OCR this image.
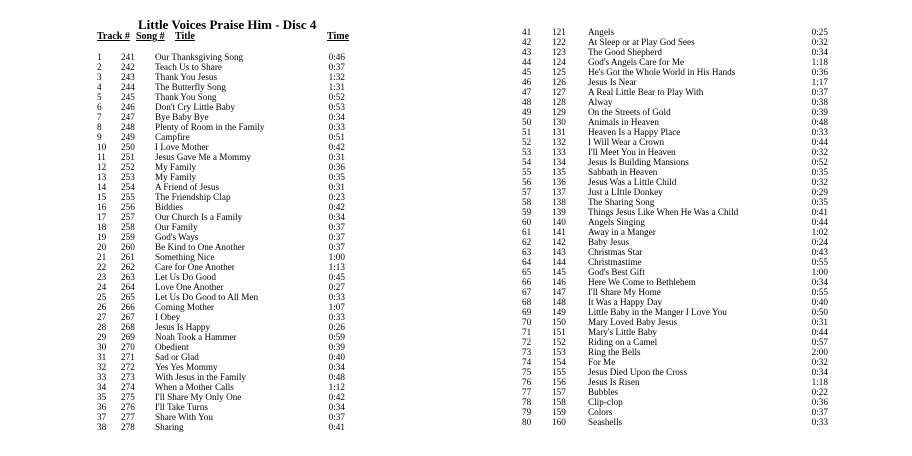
Little Voices Praise Him - Disc 4
Track # Song # Title	Time
1 241 Our Thanksgiving Song	0:46
2 242 Teach Us to Share	0:37
3 243 Thank You Jesus	1:32
4 244 The Butterfly Song	1:31
5 245 Thank You Song	0:52
6 246 Don't Cry Little Baby	0:53
7 247 Bye Baby Bye	0:34
8 248 Plenty of Room in the Family	0:33
9 249 Campfire	0:51
10 250 I Love Mother	0:42
11 251 Jesus Gave Me a Mommy	0:31
12 252 My Family	0:36
13 253 My Family	0:35
14 254 A Friend of Jesus	0:31
15 255 The Friendship Clap	0:23
16 256 Biddies	0:42
17 257 Our Church Is a Family	0:34
18 258 Our Family	0:37
19 259 God's Ways	0:37
20 260 Be Kind to One Another	0:37
21 261 Something Nice	1:00
22 262 Care for One Another	1:13
23 263 Let Us Do Good	0:45
24 264 Love One Another	0:27
25 265 Let Us Do Good to All Men	0:33
26 266 Coming Mother	1:07
27 267 I Obey	0:33
28 268 Jesus Is Happy	0:26
29 269 Noah Took a Hammer	0:59
30 270 Obedient	0:39
31 271 Sad or Glad	0:40
32 272 Yes Yes Mommy	0:34
33 273 With Jesus in the Family	0:48
34 274 When a Mother Calls	1:12
35 275 I'll Share My Only One	0:42
36 276 I'll Take Turns	0:34
37 277 Share With You	0:37
38 278 Sharing	0:41
41 121 Angels	0:25
42 122 At Sleep or at Play God Sees	0:32
43 123 The Good Shepherd	0:34
44 124 God's Angels Care for Me	1:18
45 125 He's Got the Whole World in His Hands	0:36
46 126 Jesus Is Near	1:17
47 127 A Real Little Bear to Play With	0:37
48 128 Alway	0:38
49 129 On the Streets of Gold	0:39
50 130 Animals in Heaven	0:48
51 131 Heaven Is a Happy Place	0:33
52 132 I Will Wear a Crown	0:44
53 133 I'll Meet You in Heaven	0:32
54 134 Jesus Is Building Mansions	0:52
55 135 Sabbath in Heaven	0:35
56 136 Jesus Was a Little Child	0:32
57 137 Just a LIttle Donkey	0:29
58 138 The Sharing Song	0:35
59 139 Things Jesus Like When He Was a Child	0:41
60 140 Angels Singing	0:44
61 141 Away in a Manger	1:02
62 142 Baby Jesus	0:24
63 143 Christmas Star	0:43
64 144 Christmastime	0:55
65 145 God's Best Gift	1:00
66 146 Here We Come to Bethlehem	0:34
67 147 I'll Share My Home	0:55
68 148 It Was a Happy Day	0:40
69 149 Little Baby in the Manger I Love You	0:50
70 150 Mary Loved Baby Jesus	0:31
71 151 Mary's Little Baby	0:44
72 152 Riding on a Camel	0:57
73 153 Ring the Bells	2:00
74 154 For Me	0:32
75 155 Jesus Died Upon the Cross	0:34
76 156 Jesus Is Risen	1:18
77 157 Bubbles	0:22
78 158 Clip-clop	0:36
79 159 Colors	0:37
80 160 Seashells	0:33
